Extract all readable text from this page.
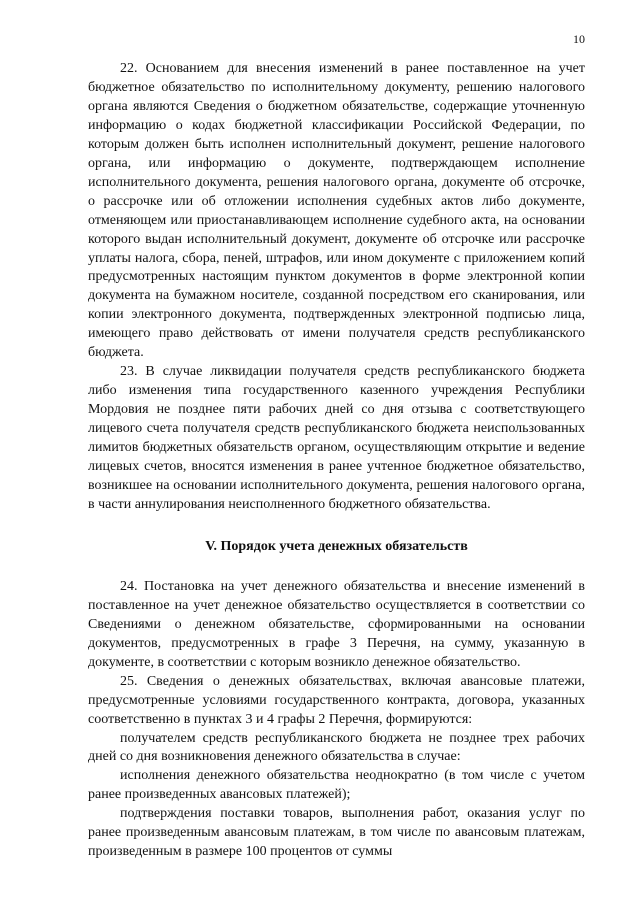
10

22. Основанием для внесения изменений в ранее поставленное на учет бюджетное обязательство по исполнительному документу, решению налогового органа являются Сведения о бюджетном обязательстве, содержащие уточненную информацию о кодах бюджетной классификации Российской Федерации, по которым должен быть исполнен исполнительный документ, решение налогового органа, или информацию о документе, подтверждающем исполнение исполнительного документа, решения налогового органа, документе об отсрочке, о рассрочке или об отложении исполнения судебных актов либо документе, отменяющем или приостанавливающем исполнение судебного акта, на основании которого выдан исполнительный документ, документе об отсрочке или рассрочке уплаты налога, сбора, пеней, штрафов, или ином документе с приложением копий предусмотренных настоящим пунктом документов в форме электронной копии документа на бумажном носителе, созданной посредством его сканирования, или копии электронного документа, подтвержденных электронной подписью лица, имеющего право действовать от имени получателя средств республиканского бюджета.

23. В случае ликвидации получателя средств республиканского бюджета либо изменения типа государственного казенного учреждения Республики Мордовия не позднее пяти рабочих дней со дня отзыва с соответствующего лицевого счета получателя средств республиканского бюджета неиспользованных лимитов бюджетных обязательств органом, осуществляющим открытие и ведение лицевых счетов, вносятся изменения в ранее учтенное бюджетное обязательство, возникшее на основании исполнительного документа, решения налогового органа, в части аннулирования неисполненного бюджетного обязательства.

V. Порядок учета денежных обязательств

24. Постановка на учет денежного обязательства и внесение изменений в поставленное на учет денежное обязательство осуществляется в соответствии со Сведениями о денежном обязательстве, сформированными на основании документов, предусмотренных в графе 3 Перечня, на сумму, указанную в документе, в соответствии с которым возникло денежное обязательство.

25. Сведения о денежных обязательствах, включая авансовые платежи, предусмотренные условиями государственного контракта, договора, указанных соответственно в пунктах 3 и 4 графы 2 Перечня, формируются:

получателем средств республиканского бюджета не позднее трех рабочих дней со дня возникновения денежного обязательства в случае:

исполнения денежного обязательства неоднократно (в том числе с учетом ранее произведенных авансовых платежей);

подтверждения поставки товаров, выполнения работ, оказания услуг по ранее произведенным авансовым платежам, в том числе по авансовым платежам, произведенным в размере 100 процентов от суммы
